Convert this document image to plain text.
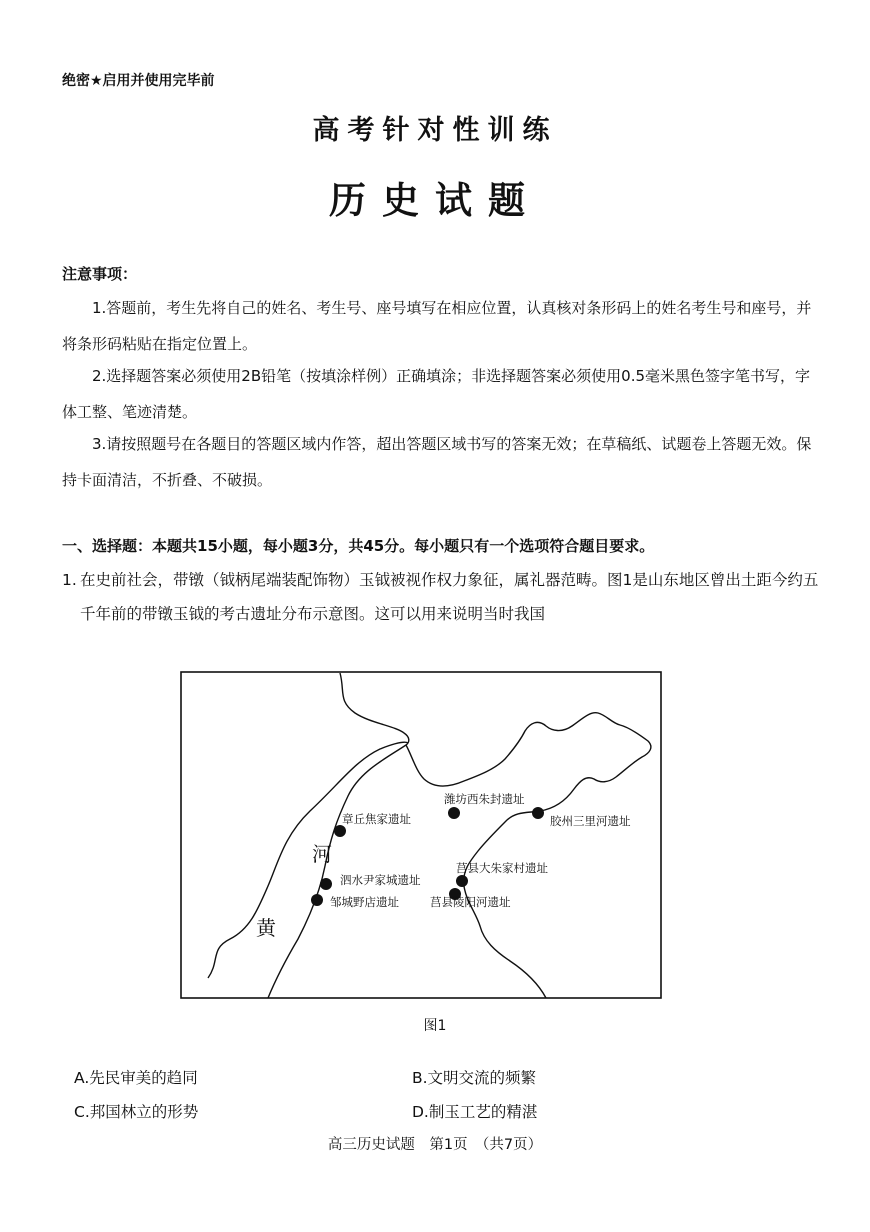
绝密★启用并使用完毕前
高考针对性训练
历史试题
注意事项：
1.答题前，考生先将自己的姓名、考生号、座号填写在相应位置，认真核对条形码上的姓名考生号和座号，并将条形码粘贴在指定位置上。
2.选择题答案必须使用2B铅笔（按填涂样例）正确填涂；非选择题答案必须使用0.5毫米黑色签字笔书写，字体工整、笔迹清楚。
3.请按照题号在各题目的答题区域内作答，超出答题区域书写的答案无效；在草稿纸、试题卷上答题无效。保持卡面清洁，不折叠、不破损。
一、选择题：本题共15小题，每小题3分，共45分。每小题只有一个选项符合题目要求。
1. 在史前社会，带镦（钺柄尾端装配饰物）玉钺被视作权力象征，属礼器范畴。图1是山东地区曾出土距今约五千年前的带镦玉钺的考古遗址分布示意图。这可以用来说明当时我国
河
黄
章丘焦家遗址
潍坊西朱封遗址
胶州三里河遗址
泗水尹家城遗址
邹城野店遗址
莒县大朱家村遗址
莒县陵阳河遗址
图1
A.先民审美的趋同	B.文明交流的频繁
C.邦国林立的形势	D.制玉工艺的精湛
高三历史试题　第1页　（共7页）
